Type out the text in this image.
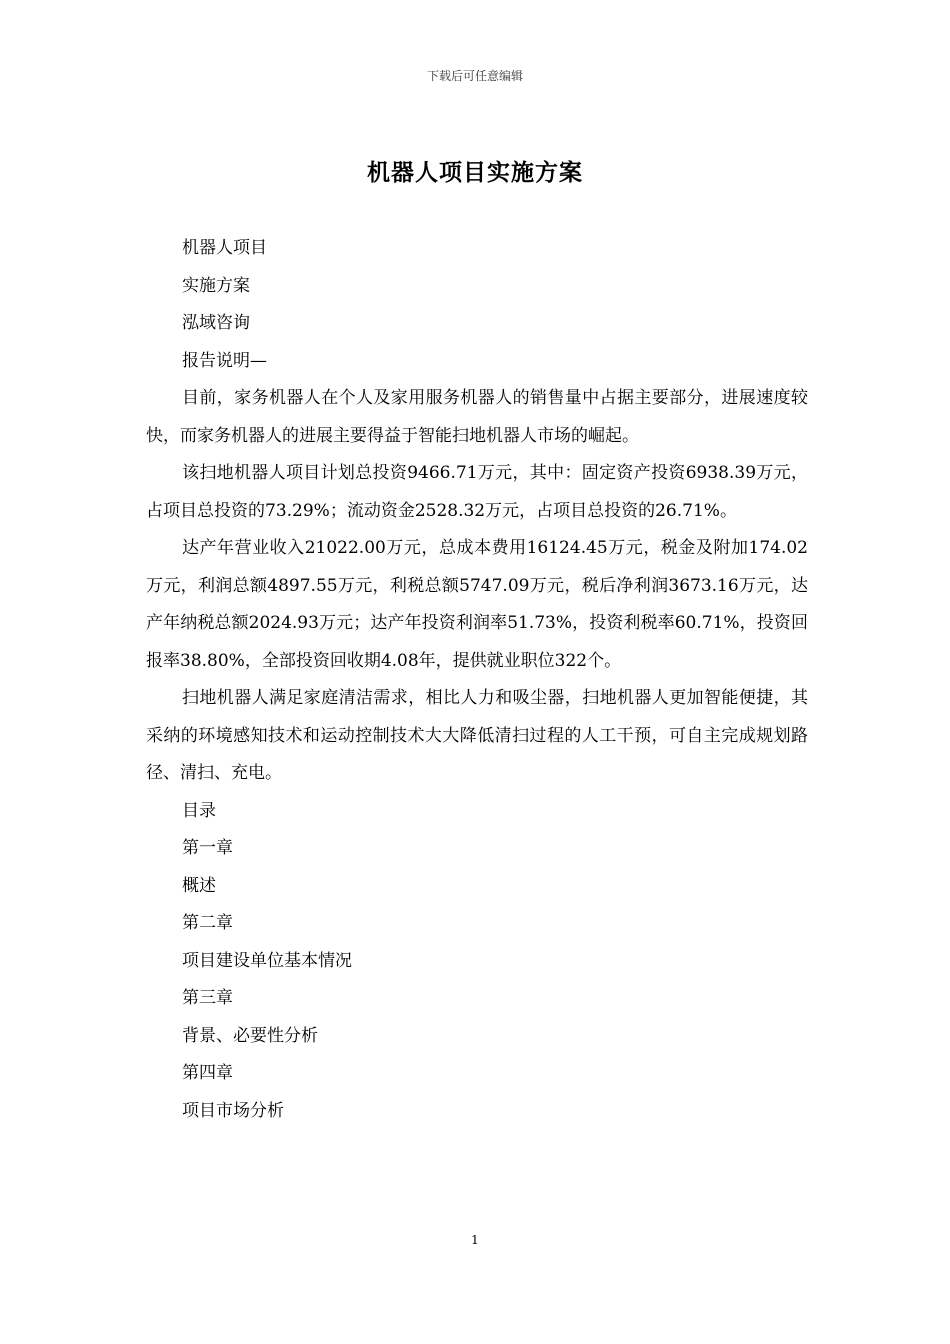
下载后可任意编辑
机器人项目实施方案

机器人项目

实施方案

泓域咨询

报告说明—

目前，家务机器人在个人及家用服务机器人的销售量中占据主要部分，进展速度较快，而家务机器人的进展主要得益于智能扫地机器人市场的崛起。

该扫地机器人项目计划总投资9466.71万元，其中：固定资产投资6938.39万元，占项目总投资的73.29%；流动资金2528.32万元，占项目总投资的26.71%。

达产年营业收入21022.00万元，总成本费用16124.45万元，税金及附加174.02万元，利润总额4897.55万元，利税总额5747.09万元，税后净利润3673.16万元，达产年纳税总额2024.93万元；达产年投资利润率51.73%，投资利税率60.71%，投资回报率38.80%，全部投资回收期4.08年，提供就业职位322个。

扫地机器人满足家庭清洁需求，相比人力和吸尘器，扫地机器人更加智能便捷，其采纳的环境感知技术和运动控制技术大大降低清扫过程的人工干预，可自主完成规划路径、清扫、充电。

目录

第一章

概述

第二章

项目建设单位基本情况

第三章

背景、必要性分析

第四章

项目市场分析

1
